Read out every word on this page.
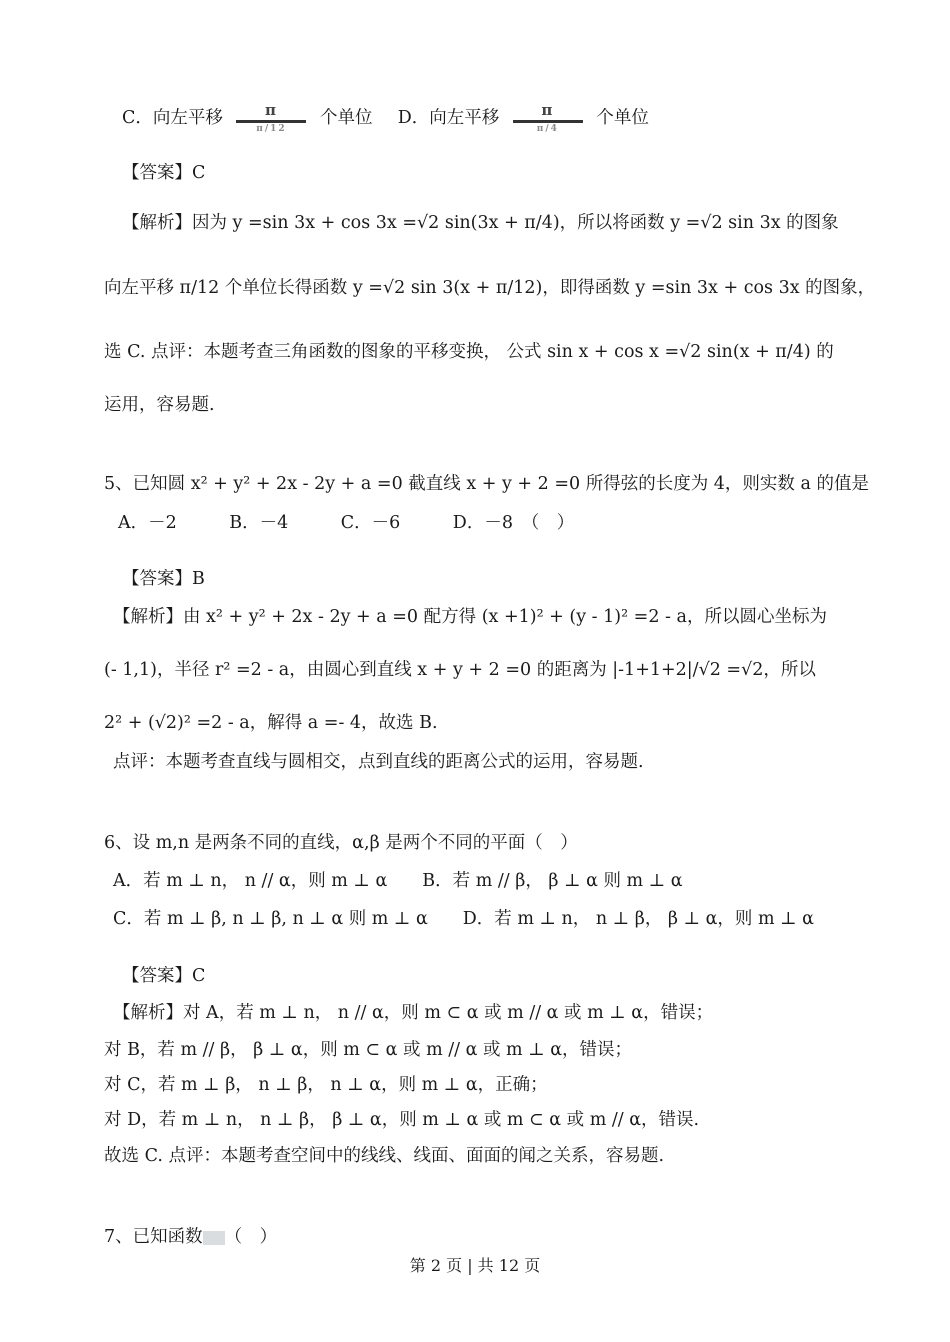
C．向左平移	π
π/12
个单位 D．向左平移	π
π/4
个单位
【答案】C
【解析】因为 y =sin 3x + cos 3x =√2 sin(3x + π/4)，所以将函数 y =√2 sin 3x 的图象
向左平移 π/12 个单位长得函数 y =√2 sin 3(x + π/12)，即得函数 y =sin 3x + cos 3x 的图象，
选 C. 点评：本题考查三角函数的图象的平移变换， 公式 sin x + cos x =√2 sin(x + π/4) 的
运用，容易题.
5、已知圆 x² + y² + 2x - 2y + a =0 截直线 x + y + 2 =0 所得弦的长度为 4，则实数 a 的值是
A．－2　　　B．－4　　　C．－6　　　D．－8　（　）
【答案】B
【解析】由 x² + y² + 2x - 2y + a =0 配方得 (x +1)² + (y - 1)² =2 - a，所以圆心坐标为
(- 1,1)，半径 r² =2 - a，由圆心到直线 x + y + 2 =0 的距离为 |-1+1+2|/√2 =√2，所以
2² + (√2)² =2 - a，解得 a =- 4，故选 B.
点评：本题考查直线与圆相交，点到直线的距离公式的运用，容易题.
6、设 m,n 是两条不同的直线，α,β 是两个不同的平面（　）
A．若 m ⊥ n， n // α，则 m ⊥ α　　B．若 m // β， β ⊥ α 则 m ⊥ α
C．若 m ⊥ β, n ⊥ β, n ⊥ α 则 m ⊥ α　　D．若 m ⊥ n， n ⊥ β， β ⊥ α，则 m ⊥ α
【答案】C
【解析】对 A，若 m ⊥ n， n // α，则 m ⊂ α 或 m // α 或 m ⊥ α，错误；
对 B，若 m // β， β ⊥ α，则 m ⊂ α 或 m // α 或 m ⊥ α，错误；
对 C，若 m ⊥ β， n ⊥ β， n ⊥ α，则 m ⊥ α，正确；
对 D，若 m ⊥ n， n ⊥ β， β ⊥ α，则 m ⊥ α 或 m ⊂ α 或 m // α，错误.
故选 C. 点评：本题考查空间中的线线、线面、面面的闻之关系，容易题.
7、已知函数 （　）
第 2 页 | 共 12 页
